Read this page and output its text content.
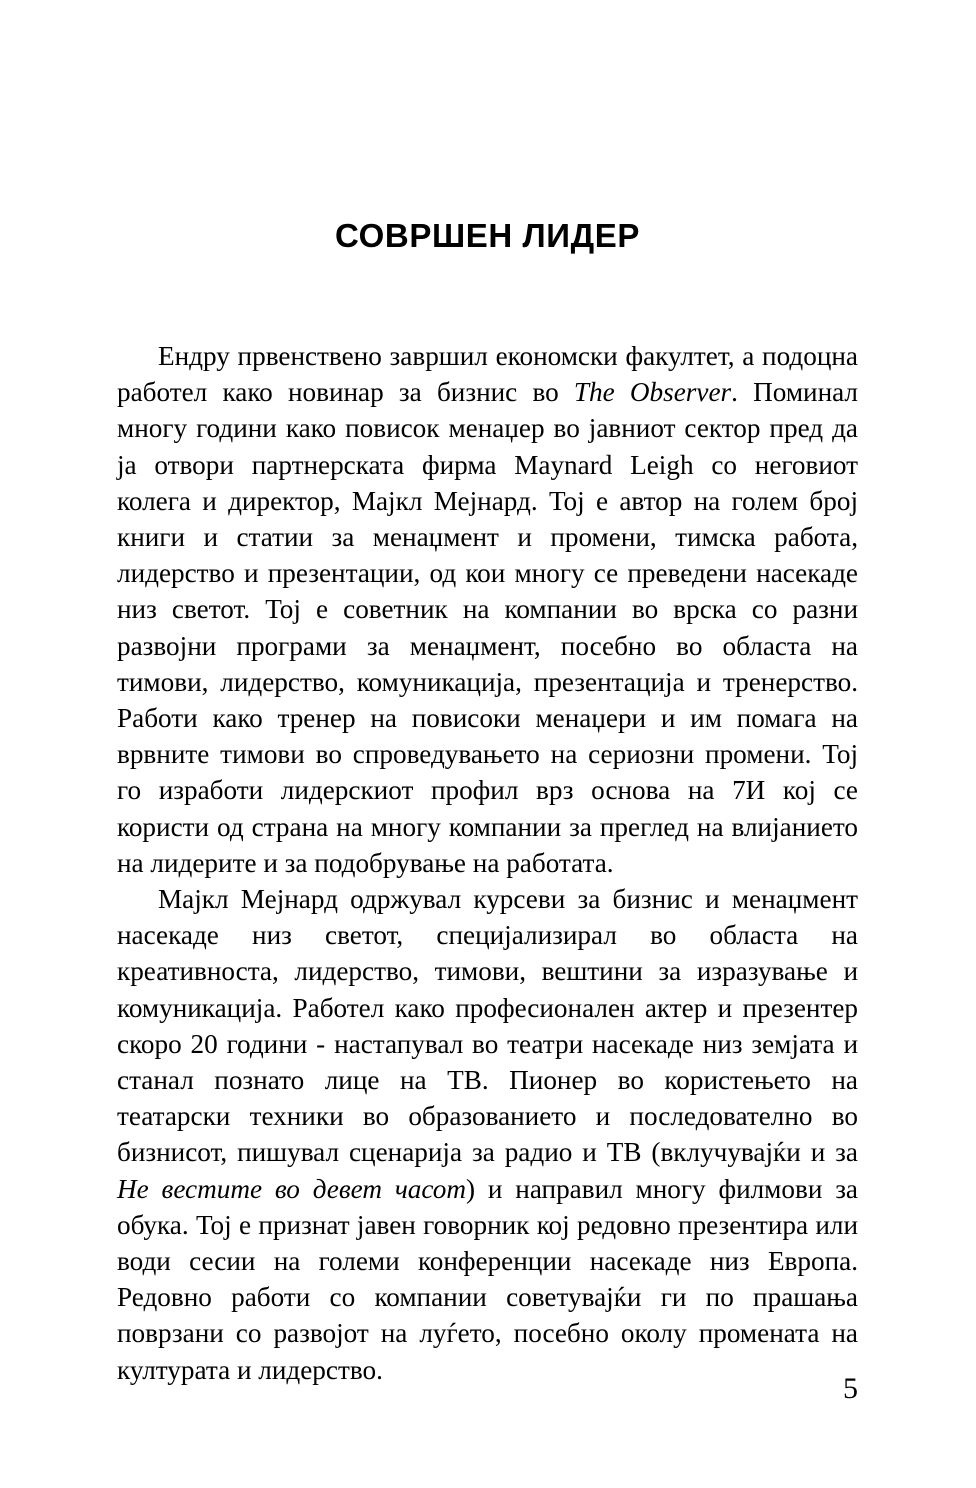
СОВРШЕН ЛИДЕР

Ендру првенствено завршил економски факултет, а подоцна работел како новинар за бизнис во The Observer. Поминал многу години како повисок менаџер во јавниот сектор пред да ја отвори партнерската фирма Maynard Leigh со неговиот колега и директор, Мајкл Мејнард. Тој е автор на голем број книги и статии за менаџмент и промени, тимска работа, лидерство и презентации, од кои многу се преведени насекаде низ светот. Тој е советник на компании во врска со разни развојни програми за менаџмент, посебно во областа на тимови, лидерство, комуникација, презентација и тренерство. Работи како тренер на повисоки менаџери и им помага на врвните тимови во спроведувањето на сериозни промени. Тој го изработи лидерскиот профил врз основа на 7И кој се користи од страна на многу компании за преглед на влијанието на лидерите и за подобрување на работата.

Мајкл Мејнард одржувал курсеви за бизнис и менаџмент насекаде низ светот, специјализирал во областа на креативноста, лидерство, тимови, вештини за изразување и комуникација. Работел како професионален актер и презентер скоро 20 години - настапувал во театри насекаде низ земјата и станал познато лице на ТВ. Пионер во користењето на театарски техники во образованието и последователно во бизнисот, пишувал сценарија за радио и ТВ (вклучувајќи и за Не вестите во девет часот) и направил многу филмови за обука. Тој е признат јавен говорник кој редовно презентира или води сесии на големи конференции насекаде низ Европа. Редовно работи со компании советувајќи ги по прашања поврзани со развојот на луѓето, посебно околу промената на културата и лидерство.

5
